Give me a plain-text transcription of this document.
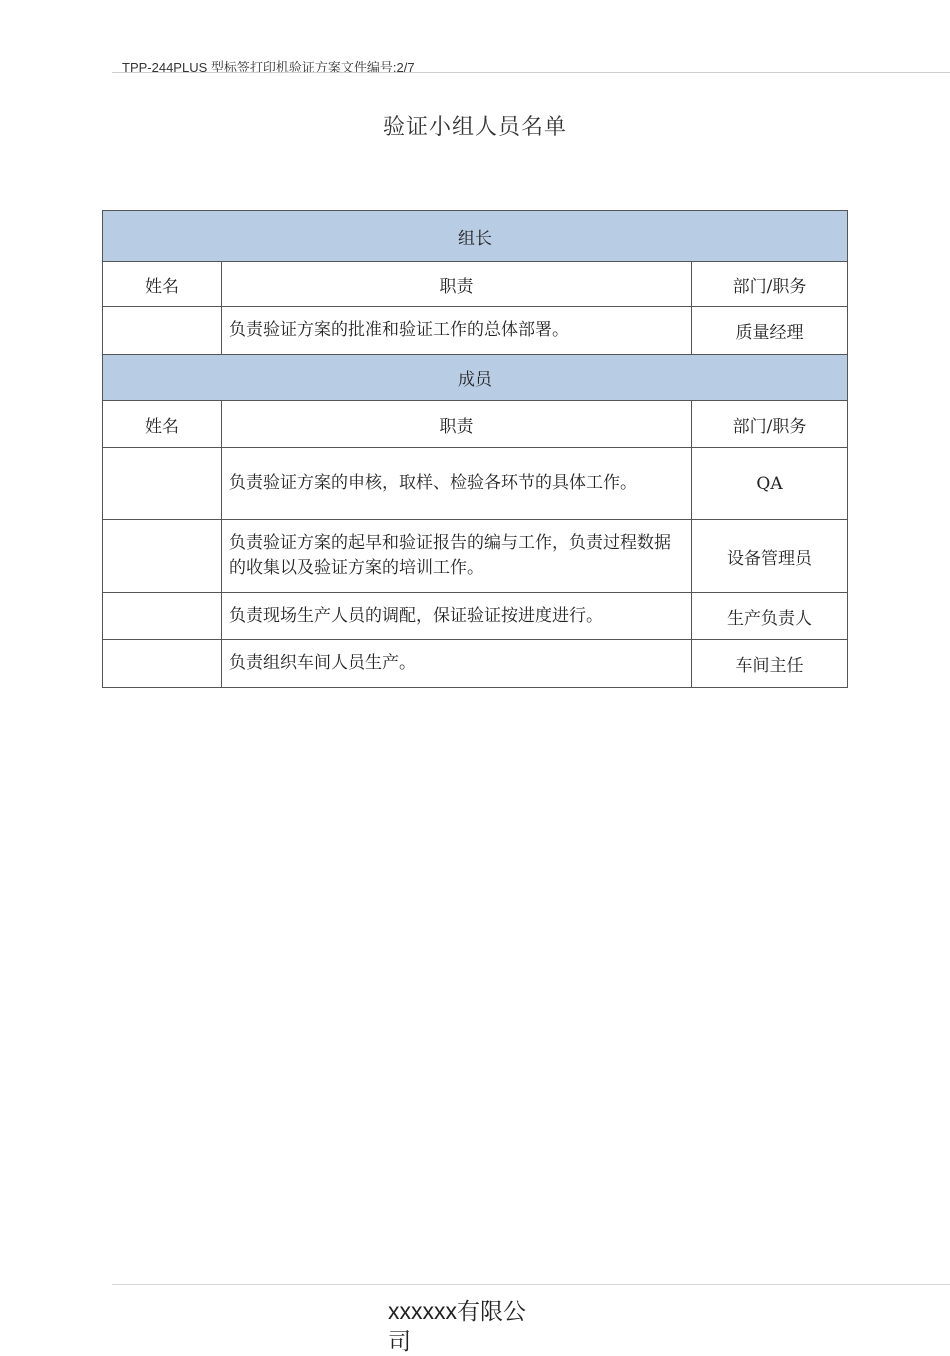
TPP-244PLUS 型标签打印机验证方案文件编号:2/7
验证小组人员名单
组长		
姓名	职责	部门/职务
	负责验证方案的批准和验证工作的总体部署。	质量经理
成员		
姓名	职责	部门/职务
	负责验证方案的申核，取样、检验各环节的具体工作。	QA
	负责验证方案的起早和验证报告的编与工作，负责过程数据的收集以及验证方案的培训工作。	设备管理员
	负责现场生产人员的调配，保证验证按进度进行。	生产负责人
	负责组织车间人员生产。	车间主任
xxxxxx有限公司
